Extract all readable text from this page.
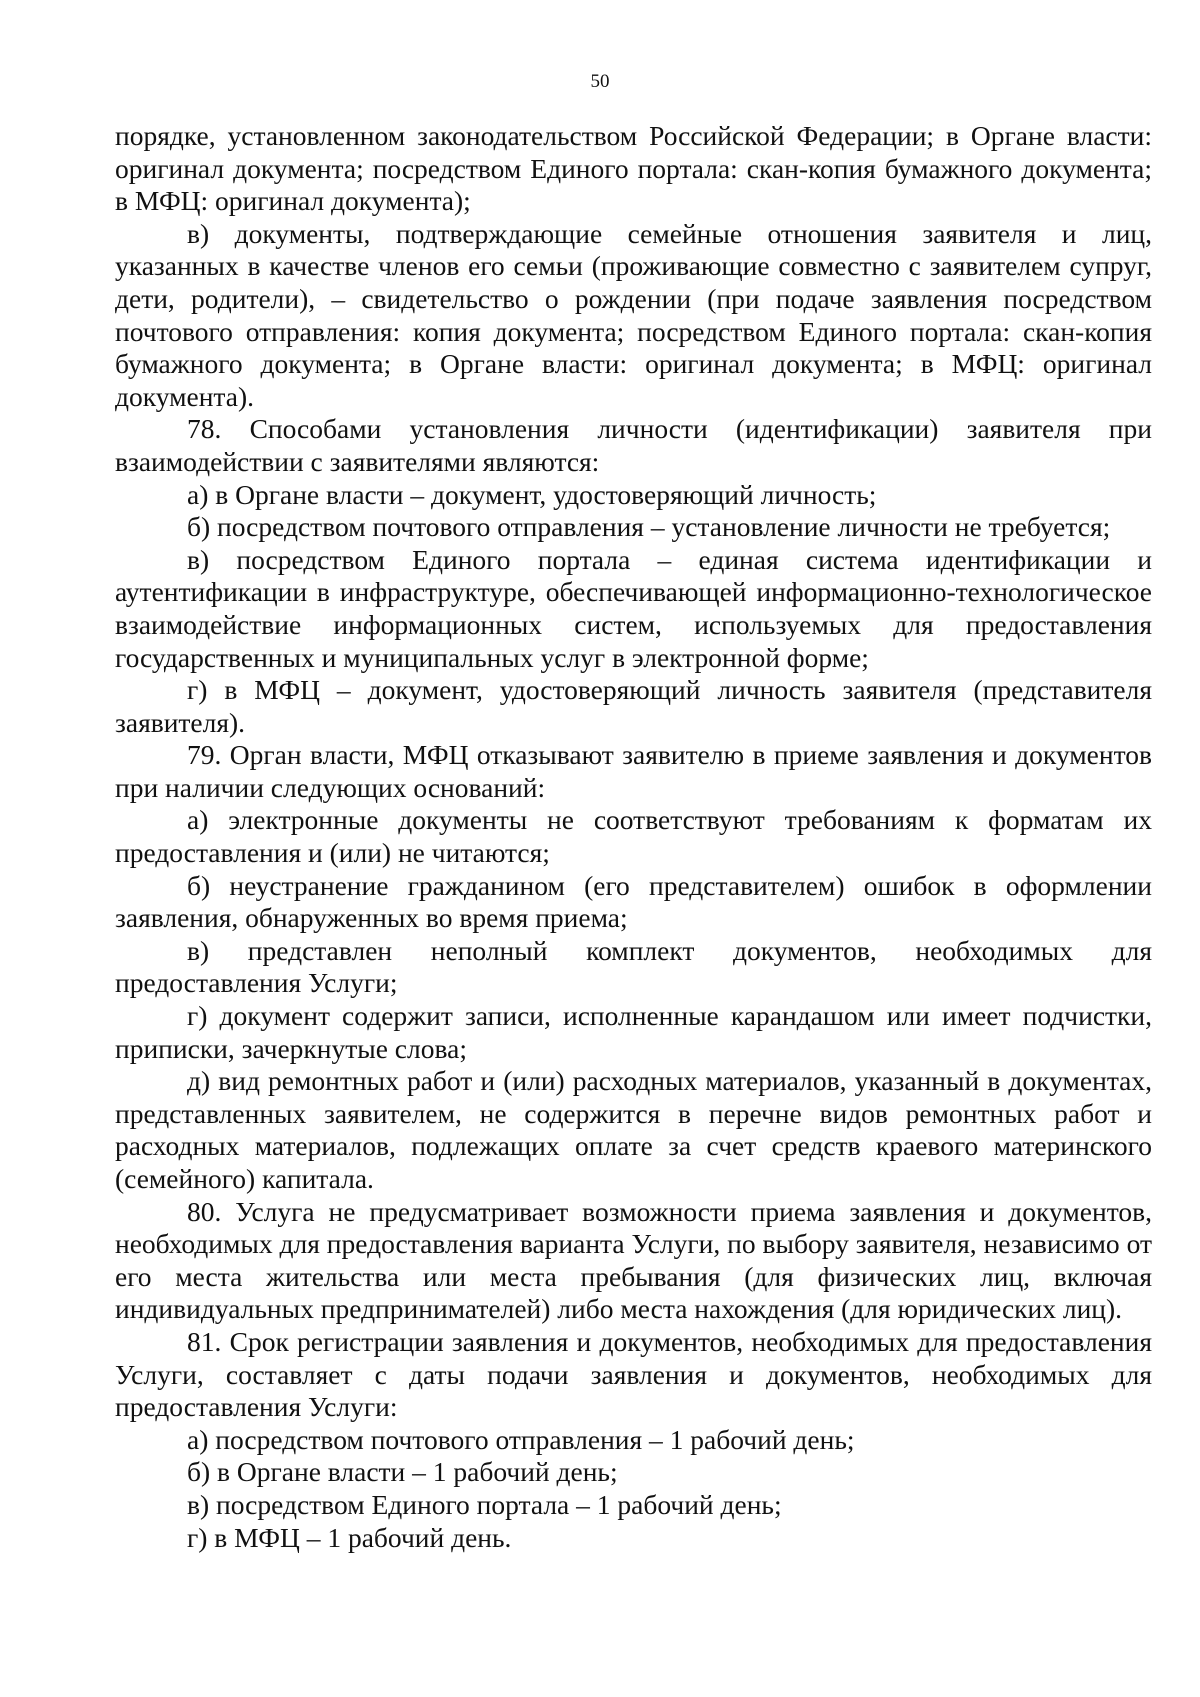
50

порядке, установленном законодательством Российской Федерации; в Органе власти: оригинал документа; посредством Единого портала: скан-копия бумажного документа; в МФЦ: оригинал документа);

в) документы, подтверждающие семейные отношения заявителя и лиц, указанных в качестве членов его семьи (проживающие совместно с заявителем супруг, дети, родители), – свидетельство о рождении (при подаче заявления посредством почтового отправления: копия документа; посредством Единого портала: скан-копия бумажного документа; в Органе власти: оригинал документа; в МФЦ: оригинал документа).

78. Способами установления личности (идентификации) заявителя при взаимодействии с заявителями являются:

а) в Органе власти – документ, удостоверяющий личность;

б) посредством почтового отправления – установление личности не требуется;

в) посредством Единого портала – единая система идентификации и аутентификации в инфраструктуре, обеспечивающей информационно-технологическое взаимодействие информационных систем, используемых для предоставления государственных и муниципальных услуг в электронной форме;

г) в МФЦ – документ, удостоверяющий личность заявителя (представителя заявителя).

79. Орган власти, МФЦ отказывают заявителю в приеме заявления и документов при наличии следующих оснований:

а) электронные документы не соответствуют требованиям к форматам их предоставления и (или) не читаются;

б) неустранение гражданином (его представителем) ошибок в оформлении заявления, обнаруженных во время приема;

в) представлен неполный комплект документов, необходимых для предоставления Услуги;

г) документ содержит записи, исполненные карандашом или имеет подчистки, приписки, зачеркнутые слова;

д) вид ремонтных работ и (или) расходных материалов, указанный в документах, представленных заявителем, не содержится в перечне видов ремонтных работ и расходных материалов, подлежащих оплате за счет средств краевого материнского (семейного) капитала.

80. Услуга не предусматривает возможности приема заявления и документов, необходимых для предоставления варианта Услуги, по выбору заявителя, независимо от его места жительства или места пребывания (для физических лиц, включая индивидуальных предпринимателей) либо места нахождения (для юридических лиц).

81. Срок регистрации заявления и документов, необходимых для предоставления Услуги, составляет с даты подачи заявления и документов, необходимых для предоставления Услуги:

а) посредством почтового отправления – 1 рабочий день;

б) в Органе власти – 1 рабочий день;

в) посредством Единого портала – 1 рабочий день;

г) в МФЦ – 1 рабочий день.
